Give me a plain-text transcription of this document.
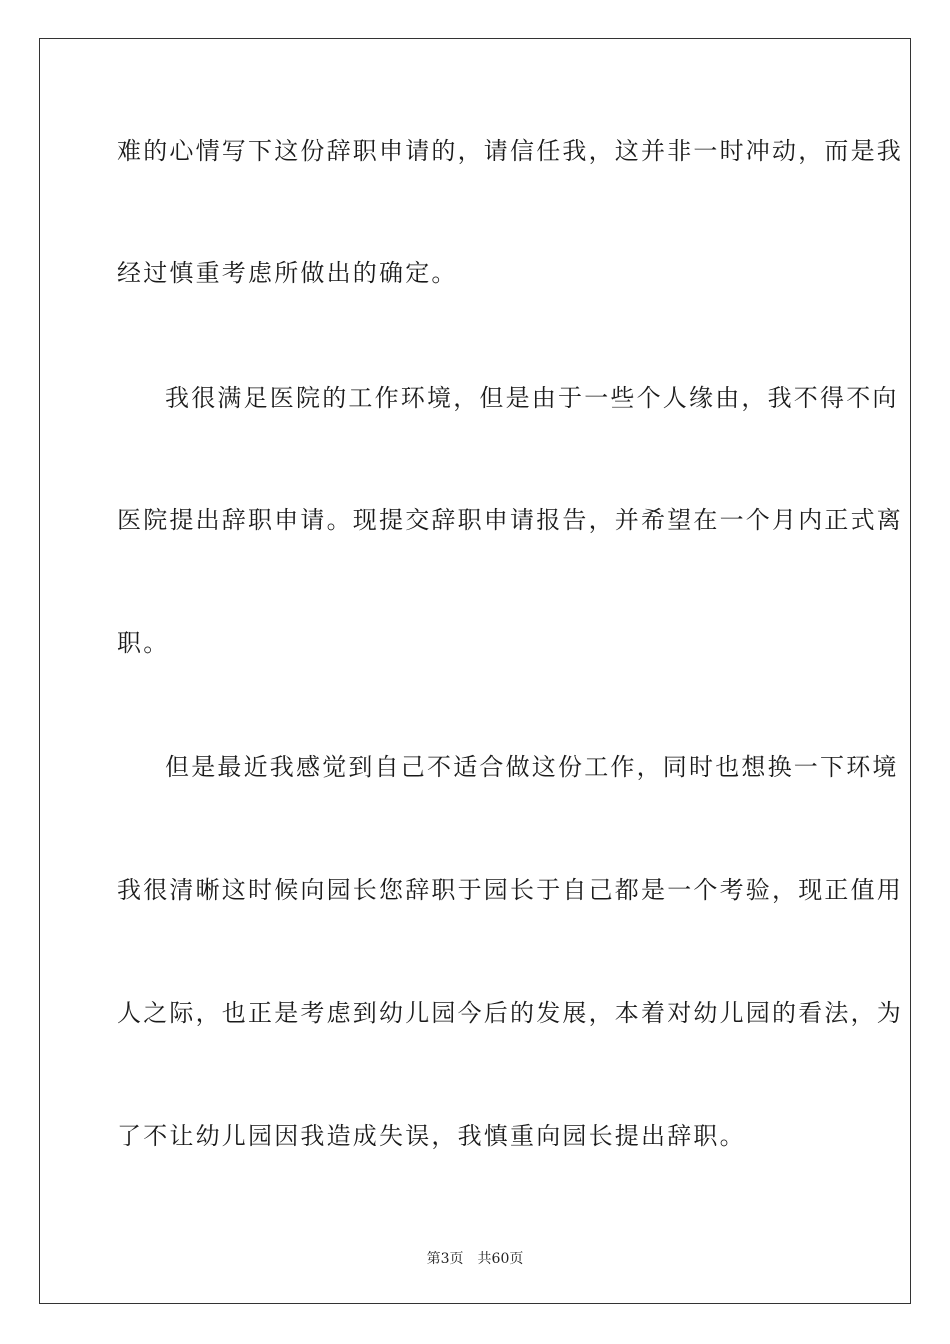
难的心情写下这份辞职申请的，请信任我，这并非一时冲动，而是我
经过慎重考虑所做出的确定。
我很满足医院的工作环境，但是由于一些个人缘由，我不得不向
医院提出辞职申请。现提交辞职申请报告，并希望在一个月内正式离
职。
但是最近我感觉到自己不适合做这份工作，同时也想换一下环境
我很清晰这时候向园长您辞职于园长于自己都是一个考验，现正值用
人之际，也正是考虑到幼儿园今后的发展，本着对幼儿园的看法，为
了不让幼儿园因我造成失误，我慎重向园长提出辞职。
第3页 共60页
